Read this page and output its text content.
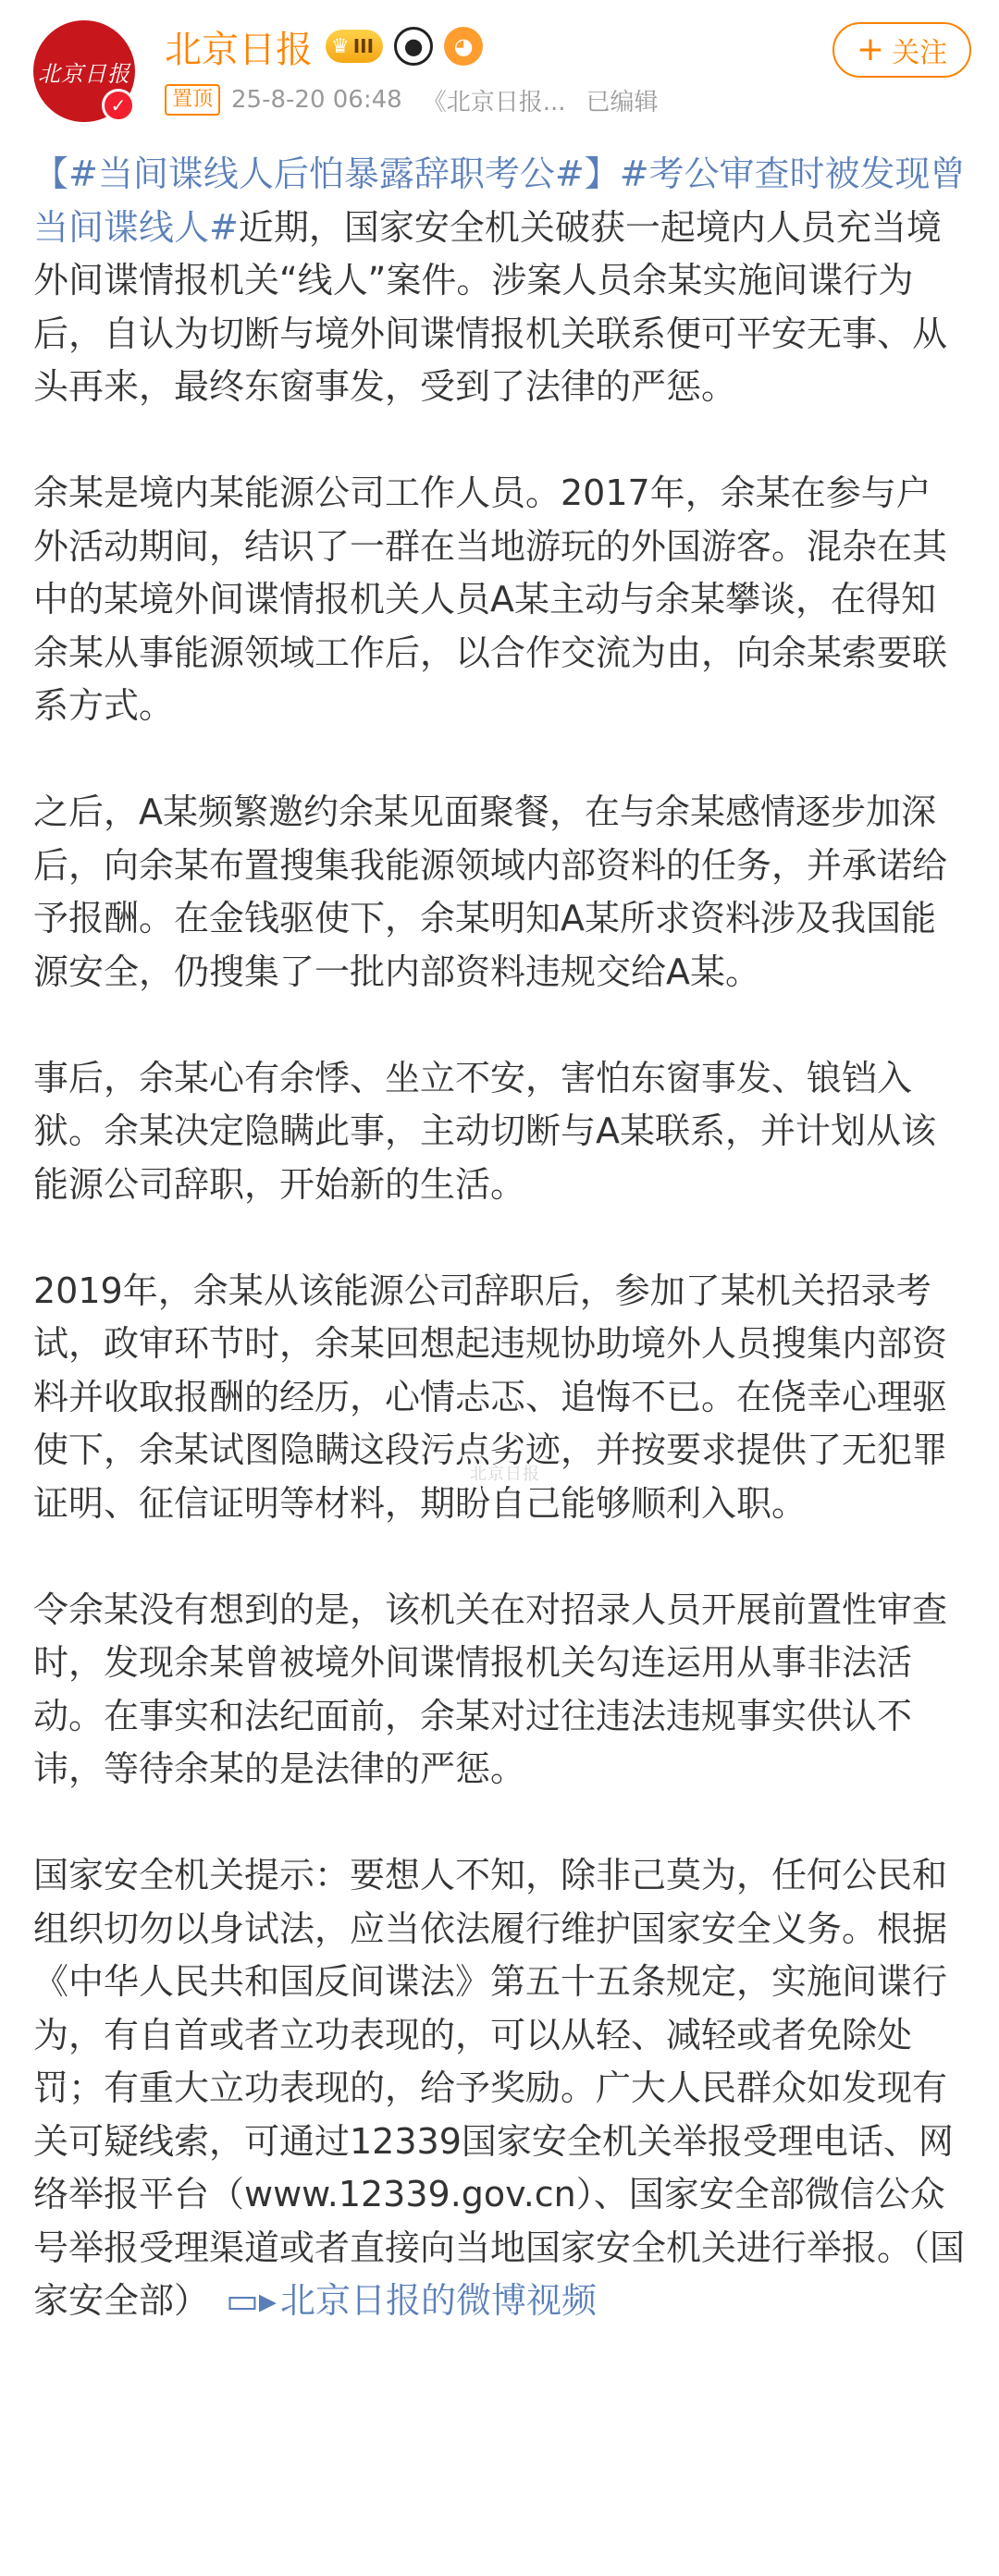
北京日报
✓
北京日报 ♛ III	●	◕
置顶 25-8-20 06:48 《北京日报... 已编辑
+ 关注

【#当间谍线人后怕暴露辞职考公#】#考公审查时被发现曾当间谍线人#近期，国家安全机关破获一起境内人员充当境外间谍情报机关“线人”案件。涉案人员余某实施间谍行为后，自认为切断与境外间谍情报机关联系便可平安无事、从头再来，最终东窗事发，受到了法律的严惩。

余某是境内某能源公司工作人员。2017年，余某在参与户外活动期间，结识了一群在当地游玩的外国游客。混杂在其中的某境外间谍情报机关人员A某主动与余某攀谈，在得知余某从事能源领域工作后，以合作交流为由，向余某索要联系方式。

之后，A某频繁邀约余某见面聚餐，在与余某感情逐步加深后，向余某布置搜集我能源领域内部资料的任务，并承诺给予报酬。在金钱驱使下，余某明知A某所求资料涉及我国能源安全，仍搜集了一批内部资料违规交给A某。

事后，余某心有余悸、坐立不安，害怕东窗事发、锒铛入狱。余某决定隐瞒此事，主动切断与A某联系，并计划从该能源公司辞职，开始新的生活。

2019年，余某从该能源公司辞职后，参加了某机关招录考试，政审环节时，余某回想起违规协助境外人员搜集内部资料并收取报酬的经历，心情忐忑、追悔不已。在侥幸心理驱使下，余某试图隐瞒这段污点劣迹，并按要求提供了无犯罪证明、征信证明等材料，期盼自己能够顺利入职。

令余某没有想到的是，该机关在对招录人员开展前置性审查时，发现余某曾被境外间谍情报机关勾连运用从事非法活动。在事实和法纪面前，余某对过往违法违规事实供认不讳，等待余某的是法律的严惩。

国家安全机关提示：要想人不知，除非己莫为，任何公民和组织切勿以身试法，应当依法履行维护国家安全义务。根据《中华人民共和国反间谍法》第五十五条规定，实施间谍行为，有自首或者立功表现的，可以从轻、减轻或者免除处罚；有重大立功表现的，给予奖励。广大人民群众如发现有关可疑线索，可通过12339国家安全机关举报受理电话、网络举报平台（www.12339.gov.cn）、国家安全部微信公众号举报受理渠道或者直接向当地国家安全机关进行举报。（国家安全部） ▭▸ 北京日报的微博视频

北京日报
